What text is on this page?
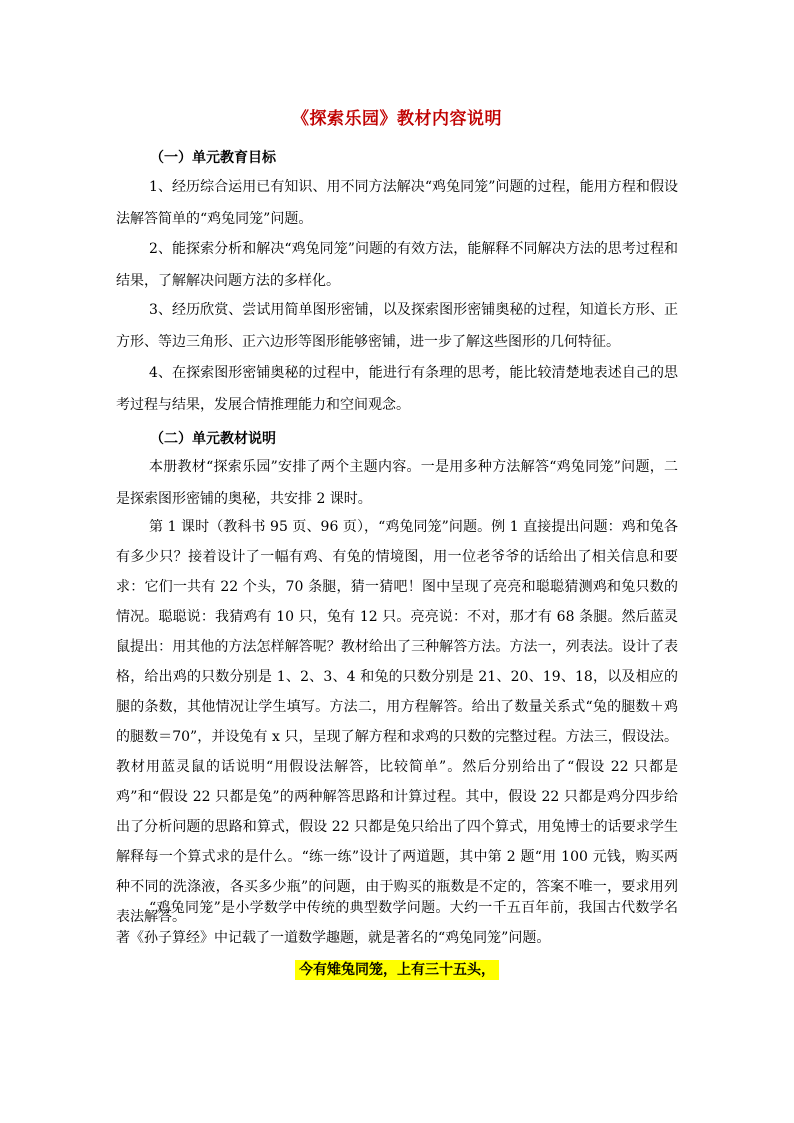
《探索乐园》教材内容说明
（一）单元教育目标

1、经历综合运用已有知识、用不同方法解决“鸡兔同笼”问题的过程，能用方程和假设法解答简单的“鸡兔同笼”问题。

2、能探索分析和解决“鸡兔同笼”问题的有效方法，能解释不同解决方法的思考过程和结果，了解解决问题方法的多样化。

3、经历欣赏、尝试用简单图形密铺，以及探索图形密铺奥秘的过程，知道长方形、正方形、等边三角形、正六边形等图形能够密铺，进一步了解这些图形的几何特征。

4、在探索图形密铺奥秘的过程中，能进行有条理的思考，能比较清楚地表述自己的思考过程与结果，发展合情推理能力和空间观念。

（二）单元教材说明

本册教材“探索乐园”安排了两个主题内容。一是用多种方法解答“鸡兔同笼”问题，二是探索图形密铺的奥秘，共安排 2 课时。

第 1 课时（教科书 95 页、96 页），“鸡兔同笼”问题。例 1 直接提出问题：鸡和兔各有多少只？接着设计了一幅有鸡、有兔的情境图，用一位老爷爷的话给出了相关信息和要求：它们一共有 22 个头，70 条腿，猜一猜吧！图中呈现了亮亮和聪聪猜测鸡和兔只数的情况。聪聪说：我猜鸡有 10 只，兔有 12 只。亮亮说：不对，那才有 68 条腿。然后蓝灵鼠提出：用其他的方法怎样解答呢？教材给出了三种解答方法。方法一，列表法。设计了表格，给出鸡的只数分别是 1、2、3、4 和兔的只数分别是 21、20、19、18，以及相应的腿的条数，其他情况让学生填写。方法二，用方程解答。给出了数量关系式“兔的腿数＋鸡的腿数＝70”，并设兔有 x 只，呈现了解方程和求鸡的只数的完整过程。方法三，假设法。教材用蓝灵鼠的话说明“用假设法解答，比较简单”。然后分别给出了“假设 22 只都是鸡”和“假设 22 只都是兔”的两种解答思路和计算过程。其中，假设 22 只都是鸡分四步给出了分析问题的思路和算式，假设 22 只都是兔只给出了四个算式，用兔博士的话要求学生解释每一个算式求的是什么。“练一练”设计了两道题，其中第 2 题“用 100 元钱，购买两种不同的洗涤液，各买多少瓶”的问题，由于购买的瓶数是不定的，答案不唯一，要求用列表法解答。

“鸡兔同笼”是小学数学中传统的典型数学问题。大约一千五百年前，我国古代数学名著《孙子算经》中记载了一道数学趣题，就是著名的“鸡兔同笼”问题。

今有雉兔同笼，上有三十五头，
